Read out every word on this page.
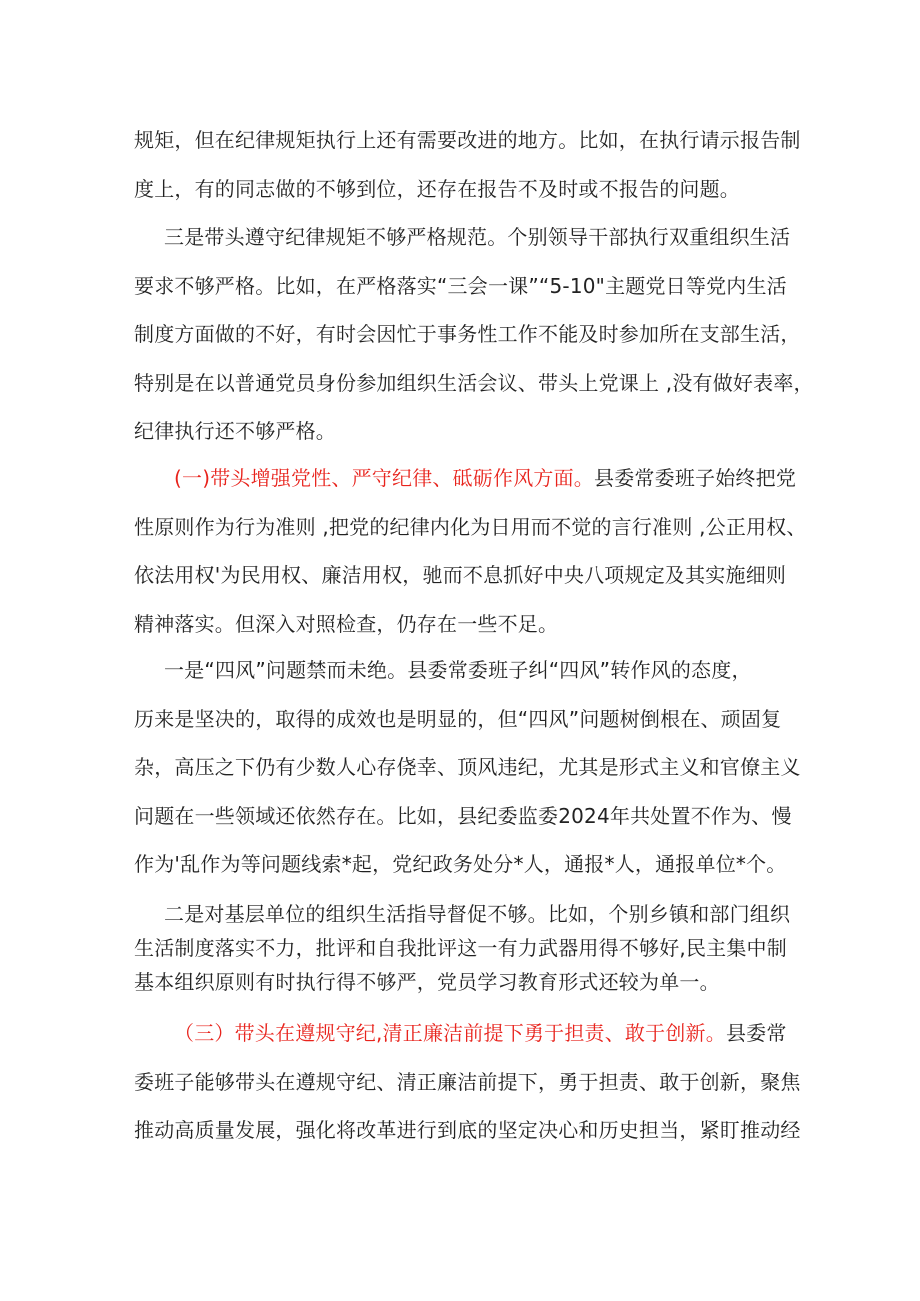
规矩，但在纪律规矩执行上还有需要改进的地方。比如，在执行请示报告制
度上，有的同志做的不够到位，还存在报告不及时或不报告的问题。
三是带头遵守纪律规矩不够严格规范。个别领导干部执行双重组织生活
要求不够严格。比如，在严格落实“三会一课”“5-10"主题党日等党内生活
制度方面做的不好，有时会因忙于事务性工作不能及时参加所在支部生活，
特别是在以普通党员身份参加组织生活会议、带头上党课上 ,没有做好表率，
纪律执行还不够严格。
(一)带头增强党性、严守纪律、砥砺作风方面。县委常委班子始终把党
性原则作为行为准则 ,把党的纪律内化为日用而不觉的言行准则 ,公正用权、
依法用权'为民用权、廉洁用权，驰而不息抓好中央八项规定及其实施细则
精神落实。但深入对照检查，仍存在一些不足。
一是“四风”问题禁而未绝。县委常委班子纠“四风”转作风的态度，
历来是坚决的，取得的成效也是明显的，但“四风”问题树倒根在、顽固复
杂，高压之下仍有少数人心存侥幸、顶风违纪，尤其是形式主义和官僚主义
问题在一些领域还依然存在。比如，县纪委监委2024年共处置不作为、慢
作为'乱作为等问题线索*起，党纪政务处分*人，通报*人，通报单位*个。
二是对基层单位的组织生活指导督促不够。比如，个别乡镇和部门组织
生活制度落实不力，批评和自我批评这一有力武器用得不够好,民主集中制
基本组织原则有时执行得不够严，党员学习教育形式还较为单一。
（三）带头在遵规守纪,清正廉洁前提下勇于担责、敢于创新。县委常
委班子能够带头在遵规守纪、清正廉洁前提下，勇于担责、敢于创新，聚焦
推动高质量发展，强化将改革进行到底的坚定决心和历史担当，紧盯推动经
